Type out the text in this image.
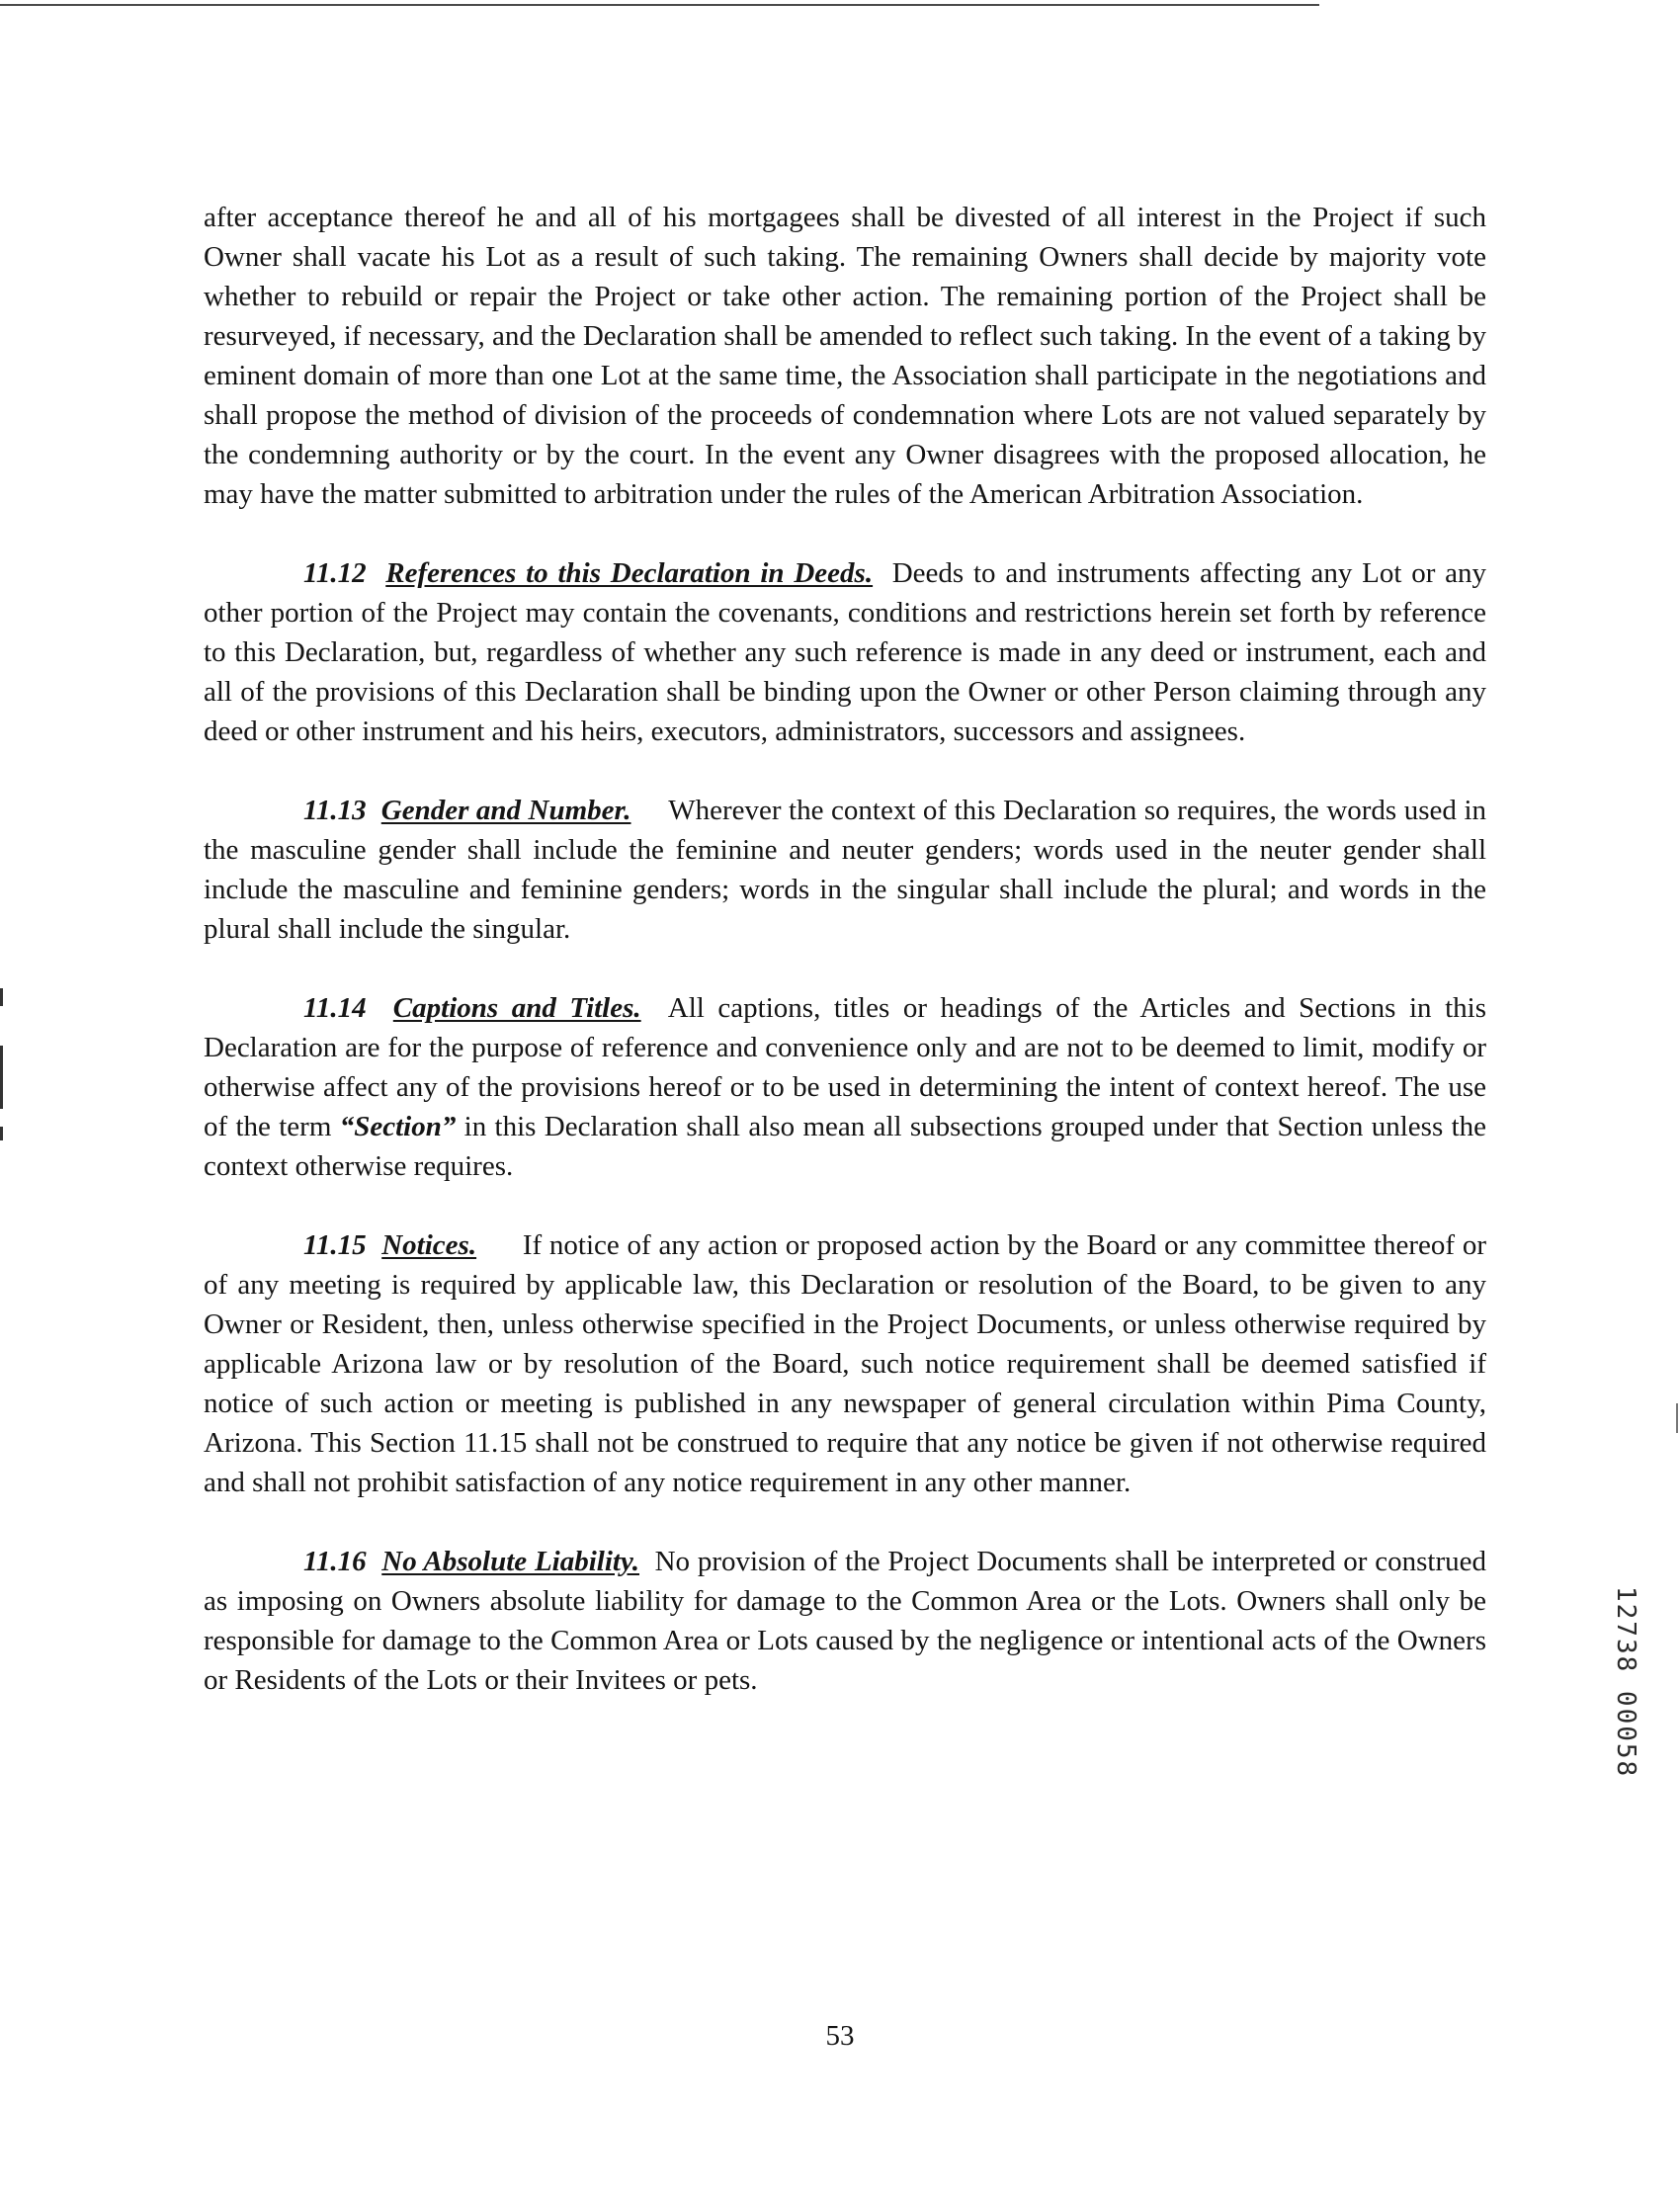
after acceptance thereof he and all of his mortgagees shall be divested of all interest in the Project if such Owner shall vacate his Lot as a result of such taking. The remaining Owners shall decide by majority vote whether to rebuild or repair the Project or take other action. The remaining portion of the Project shall be resurveyed, if necessary, and the Declaration shall be amended to reflect such taking. In the event of a taking by eminent domain of more than one Lot at the same time, the Association shall participate in the negotiations and shall propose the method of division of the proceeds of condemnation where Lots are not valued separately by the condemning authority or by the court. In the event any Owner disagrees with the proposed allocation, he may have the matter submitted to arbitration under the rules of the American Arbitration Association.

11.12 References to this Declaration in Deeds. Deeds to and instruments affecting any Lot or any other portion of the Project may contain the covenants, conditions and restrictions herein set forth by reference to this Declaration, but, regardless of whether any such reference is made in any deed or instrument, each and all of the provisions of this Declaration shall be binding upon the Owner or other Person claiming through any deed or other instrument and his heirs, executors, administrators, successors and assignees.

11.13 Gender and Number. Wherever the context of this Declaration so requires, the words used in the masculine gender shall include the feminine and neuter genders; words used in the neuter gender shall include the masculine and feminine genders; words in the singular shall include the plural; and words in the plural shall include the singular.

11.14 Captions and Titles. All captions, titles or headings of the Articles and Sections in this Declaration are for the purpose of reference and convenience only and are not to be deemed to limit, modify or otherwise affect any of the provisions hereof or to be used in determining the intent of context hereof. The use of the term “Section” in this Declaration shall also mean all subsections grouped under that Section unless the context otherwise requires.

11.15 Notices. If notice of any action or proposed action by the Board or any committee thereof or of any meeting is required by applicable law, this Declaration or resolution of the Board, to be given to any Owner or Resident, then, unless otherwise specified in the Project Documents, or unless otherwise required by applicable Arizona law or by resolution of the Board, such notice requirement shall be deemed satisfied if notice of such action or meeting is published in any newspaper of general circulation within Pima County, Arizona. This Section 11.15 shall not be construed to require that any notice be given if not otherwise required and shall not prohibit satisfaction of any notice requirement in any other manner.

11.16 No Absolute Liability. No provision of the Project Documents shall be interpreted or construed as imposing on Owners absolute liability for damage to the Common Area or the Lots. Owners shall only be responsible for damage to the Common Area or Lots caused by the negligence or intentional acts of the Owners or Residents of the Lots or their Invitees or pets.	12738 00058
53
